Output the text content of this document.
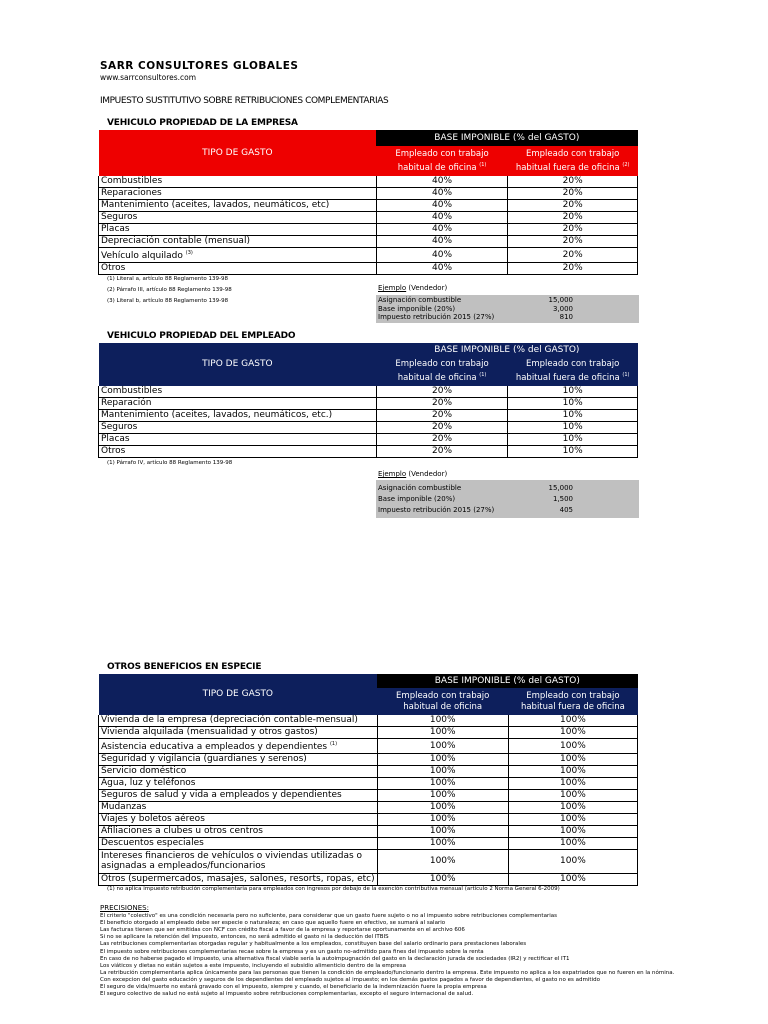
SARR CONSULTORES GLOBALES
www.sarrconsultores.com
IMPUESTO SUSTITUTIVO SOBRE RETRIBUCIONES COMPLEMENTARIAS
VEHICULO PROPIEDAD DE LA EMPRESA
TIPO DE GASTO	BASE IMPONIBLE (% del GASTO)	
	Empleado con trabajo habitual de oficina $^{(1)}$	Empleado con trabajo habitual fuera de oficina $^{(2)}$
Combustibles	40%	20%
Reparaciones	40%	20%
Mantenimiento (aceites, lavados, neumáticos, etc)	40%	20%
Seguros	40%	20%
Placas	40%	20%
Depreciación contable (mensual)	40%	20%
Vehículo alquilado $^{(3)}$	40%	20%
Otros	40%	20%
(1) Literal a, artículo 88 Reglamento 139-98
(2) Párrafo III, artículo 88 Reglamento 139-98
(3) Literal b, artículo 88 Reglamento 139-98
Ejemplo (Vendedor)
Asignación combustible	15,000
Base imponible (20%)	3,000
Impuesto retribución 2015 (27%)	810
VEHICULO PROPIEDAD DEL EMPLEADO
TIPO DE GASTO	BASE IMPONIBLE (% del GASTO)	
	Empleado con trabajo habitual de oficina $^{(1)}$	Empleado con trabajo habitual fuera de oficina $^{(1)}$
Combustibles	20%	10%
Reparación	20%	10%
Mantenimiento (aceites, lavados, neumáticos, etc.)	20%	10%
Seguros	20%	10%
Placas	20%	10%
Otros	20%	10%
(1) Párrafo IV, artículo 88 Reglamento 139-98
Ejemplo (Vendedor)
Asignación combustible	15,000
Base imponible (20%)	1,500
Impuesto retribución 2015 (27%)	405
OTROS BENEFICIOS EN ESPECIE
TIPO DE GASTO	BASE IMPONIBLE (% del GASTO)	
	Empleado con trabajo habitual de oficina	Empleado con trabajo habitual fuera de oficina
Vivienda de la empresa (depreciación contable-mensual)	100%	100%
Vivienda alquilada (mensualidad y otros gastos)	100%	100%
Asistencia educativa a empleados y dependientes $^{(1)}$	100%	100%
Seguridad y vigilancia (guardianes y serenos)	100%	100%
Servicio doméstico	100%	100%
Agua, luz y teléfonos	100%	100%
Seguros de salud y vida a empleados y dependientes	100%	100%
Mudanzas	100%	100%
Viajes y boletos aéreos	100%	100%
Afiliaciones a clubes u otros centros	100%	100%
Descuentos especiales	100%	100%
Intereses financieros de vehículos o viviendas utilizadas o asignadas a empleados/funcionarios	100%	100%
Otros (supermercados, masajes, salones, resorts, ropas, etc)	100%	100%
(1) no aplica impuesto retribución complementaria para empleados con ingresos por debajo de la exención contributiva mensual (artículo 2 Norma General 6-2009)
PRECISIONES:
El criterio "colectivo" es una condición necesaria pero no suficiente, para considerar que un gasto fuere sujeto o no al impuesto sobre retribuciones complementarias
El beneficio otorgado al empleado debe ser especie o naturaleza; en caso que aquello fuere en efectivo, se sumará al salario
Las facturas tienen que ser emitidas con NCF con crédito fiscal a favor de la empresa y reportarse oportunamente en el archivo 606
Si no se aplicare la retención del impuesto, entonces, no será admitido el gasto ni la deducción del ITBIS
Las retribuciones complementarias otorgadas regular y habitualmente a los empleados, constituyen base del salario ordinario para prestaciones laborales
El impuesto sobre retribuciones complementarias recae sobre la empresa y es un gasto no-admitido para fines del impuesto sobre la renta
En caso de no haberse pagado el impuesto, una alternativa fiscal viable sería la autoimpugnación del gasto en la declaración jurada de sociedades (IR2) y rectificar el IT1
Los viáticos y dietas no están sujetos a este impuesto, incluyendo el subsidio alimenticio dentro de la empresa
La retribución complementaria aplica únicamente para las personas que tienen la condición de empleado/funcionario dentro la empresa. Este impuesto no aplica a los expatriados que no fueren en la nómina.
Con excepcion del gasto educación y seguros de los dependientes del empleado sujetos al impuesto; en los demás gastos pagados a favor de dependientes, el gasto no es admitido
El seguro de vida/muerte no estará gravado con el impuesto, siempre y cuando, el beneficiario de la indemnización fuere la propia empresa
El seguro colectivo de salud no está sujeto al impuesto sobre retribuciones complementarias, excepto el seguro internacional de salud.
